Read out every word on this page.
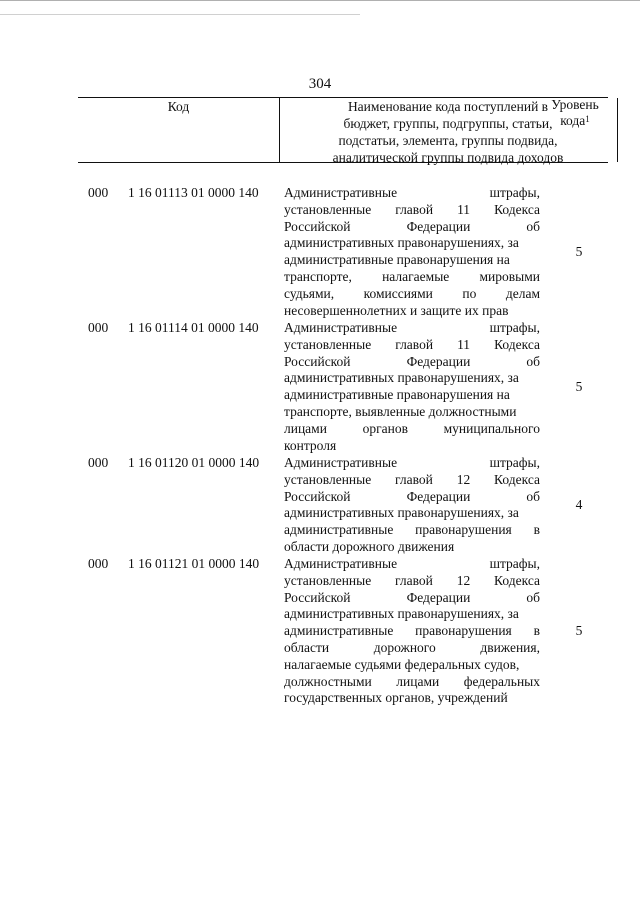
304
Код	Наименование кода поступлений в
бюджет, группы, подгруппы, статьи,
подстатьи, элемента, группы подвида,
аналитической группы подвида доходов
Уровень
кода$^1$
000 1 16 01113 01 0000 140 Административные	штрафы,
установленные главой 11 Кодекса
Российской	Федерации	об
административных правонарушениях, за
административные правонарушения на
транспорте, налагаемые мировыми
судьями, комиссиями по делам
несовершеннолетних и защите их прав
5
000 1 16 01114 01 0000 140 Административные	штрафы,
установленные главой 11 Кодекса
Российской	Федерации	об
административных правонарушениях, за
административные правонарушения на
транспорте, выявленные должностными
лицами	органов	муниципального
контроля
5
000 1 16 01120 01 0000 140 Административные	штрафы,
установленные главой 12 Кодекса
Российской	Федерации	об
административных правонарушениях, за
административные правонарушения в
области дорожного движения
4
000 1 16 01121 01 0000 140 Административные	штрафы,
установленные главой 12 Кодекса
Российской	Федерации	об
административных правонарушениях, за
административные правонарушения в
области	дорожного	движения,
налагаемые судьями федеральных судов,
должностными лицами федеральных
государственных органов, учреждений
5
